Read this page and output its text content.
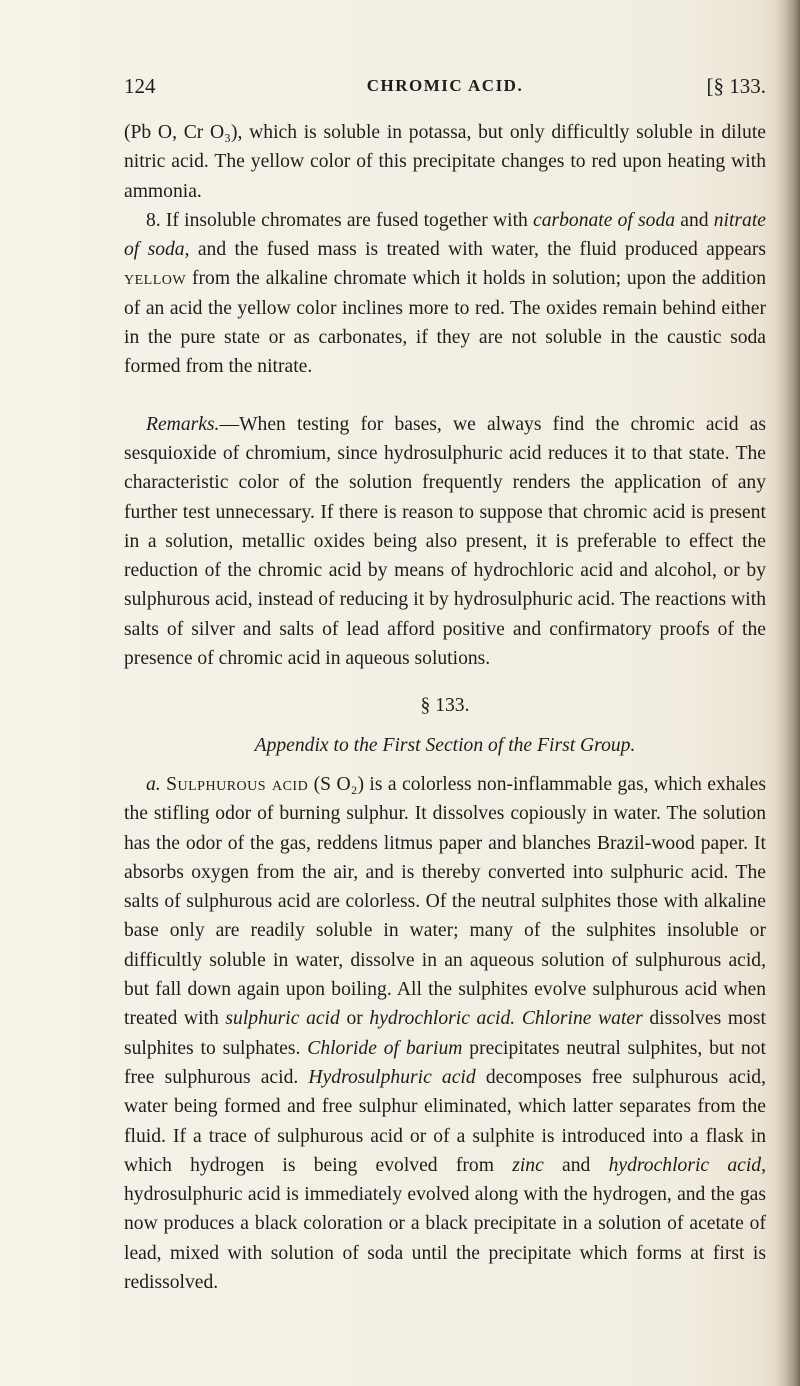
124	CHROMIC ACID.	[§ 133.

(Pb O, Cr O₃), which is soluble in potassa, but only difficultly soluble in dilute nitric acid. The yellow color of this precipitate changes to red upon heating with ammonia.

8. If insoluble chromates are fused together with carbonate of soda and nitrate of soda, and the fused mass is treated with water, the fluid produced appears yellow from the alkaline chromate which it holds in solution; upon the addition of an acid the yellow color inclines more to red. The oxides remain behind either in the pure state or as carbonates, if they are not soluble in the caustic soda formed from the nitrate.

Remarks.—When testing for bases, we always find the chromic acid as sesquioxide of chromium, since hydrosulphuric acid reduces it to that state. The characteristic color of the solution frequently renders the application of any further test unnecessary. If there is reason to suppose that chromic acid is present in a solution, metallic oxides being also present, it is preferable to effect the reduction of the chromic acid by means of hydrochloric acid and alcohol, or by sulphurous acid, instead of reducing it by hydrosulphuric acid. The reactions with salts of silver and salts of lead afford positive and confirmatory proofs of the presence of chromic acid in aqueous solutions.

§ 133.

Appendix to the First Section of the First Group.

a. Sulphurous acid (S O₂) is a colorless non-inflammable gas, which exhales the stifling odor of burning sulphur. It dissolves copiously in water. The solution has the odor of the gas, reddens litmus paper and blanches Brazil-wood paper. It absorbs oxygen from the air, and is thereby converted into sulphuric acid. The salts of sulphurous acid are colorless. Of the neutral sulphites those with alkaline base only are readily soluble in water; many of the sulphites insoluble or difficultly soluble in water, dissolve in an aqueous solution of sulphurous acid, but fall down again upon boiling. All the sulphites evolve sulphurous acid when treated with sulphuric acid or hydrochloric acid. Chlorine water dissolves most sulphites to sulphates. Chloride of barium precipitates neutral sulphites, but not free sulphurous acid. Hydrosulphuric acid decomposes free sulphurous acid, water being formed and free sulphur eliminated, which latter separates from the fluid. If a trace of sulphurous acid or of a sulphite is introduced into a flask in which hydrogen is being evolved from zinc and hydrochloric acid, hydrosulphuric acid is immediately evolved along with the hydrogen, and the gas now produces a black coloration or a black precipitate in a solution of acetate of lead, mixed with solution of soda until the precipitate which forms at first is redissolved.
